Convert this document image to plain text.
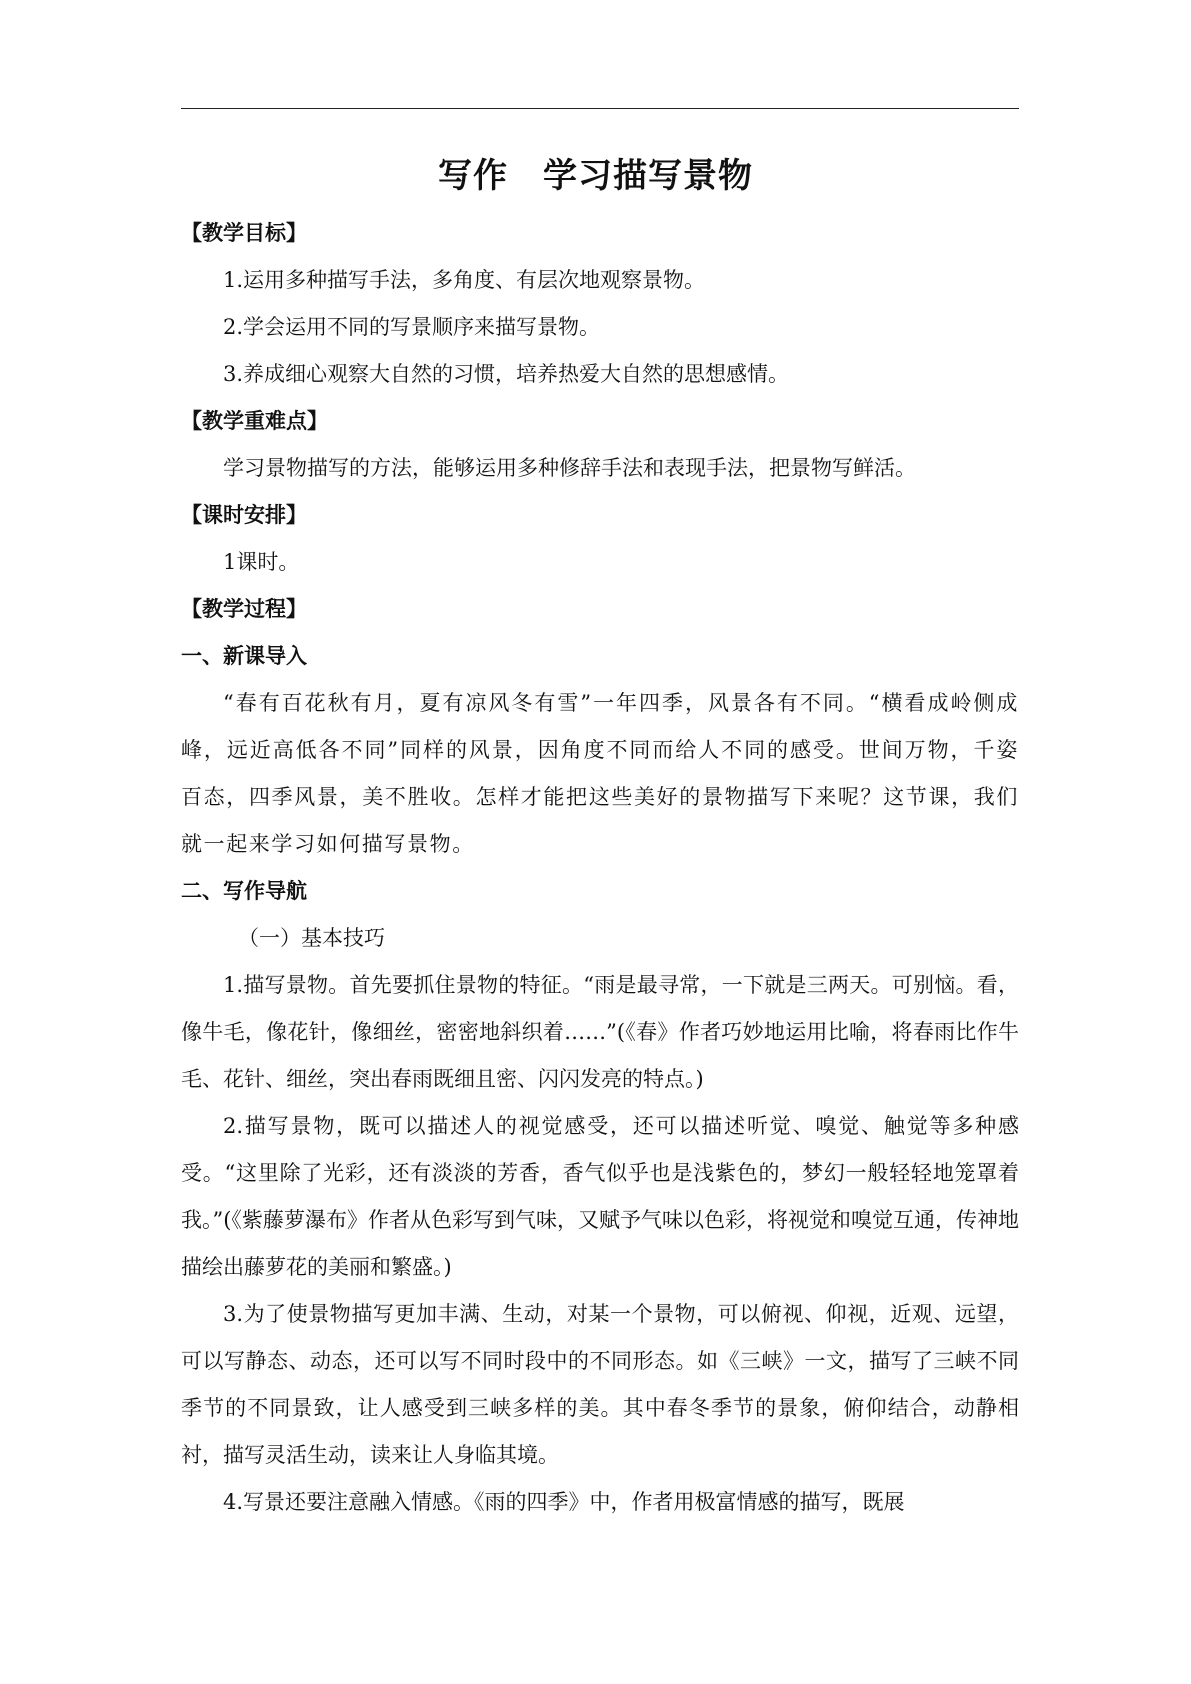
写作　学习描写景物

【教学目标】

1.运用多种描写手法，多角度、有层次地观察景物。

2.学会运用不同的写景顺序来描写景物。

3.养成细心观察大自然的习惯，培养热爱大自然的思想感情。

【教学重难点】

学习景物描写的方法，能够运用多种修辞手法和表现手法，把景物写鲜活。

【课时安排】

1课时。

【教学过程】

一、新课导入

“春有百花秋有月，夏有凉风冬有雪”一年四季，风景各有不同。“横看成岭侧成峰，远近高低各不同”同样的风景，因角度不同而给人不同的感受。世间万物，千姿百态，四季风景，美不胜收。怎样才能把这些美好的景物描写下来呢？这节课，我们就一起来学习如何描写景物。

二、写作导航

（一）基本技巧

1.描写景物。首先要抓住景物的特征。“雨是最寻常，一下就是三两天。可别恼。看，像牛毛，像花针，像细丝，密密地斜织着……”(《春》作者巧妙地运用比喻，将春雨比作牛毛、花针、细丝，突出春雨既细且密、闪闪发亮的特点。)

2.描写景物，既可以描述人的视觉感受，还可以描述听觉、嗅觉、触觉等多种感受。“这里除了光彩，还有淡淡的芳香，香气似乎也是浅紫色的，梦幻一般轻轻地笼罩着我。”(《紫藤萝瀑布》作者从色彩写到气味，又赋予气味以色彩，将视觉和嗅觉互通，传神地描绘出藤萝花的美丽和繁盛。)

3.为了使景物描写更加丰满、生动，对某一个景物，可以俯视、仰视，近观、远望，可以写静态、动态，还可以写不同时段中的不同形态。如《三峡》一文，描写了三峡不同季节的不同景致，让人感受到三峡多样的美。其中春冬季节的景象，俯仰结合，动静相衬，描写灵活生动，读来让人身临其境。

4.写景还要注意融入情感。《雨的四季》中，作者用极富情感的描写，既展
